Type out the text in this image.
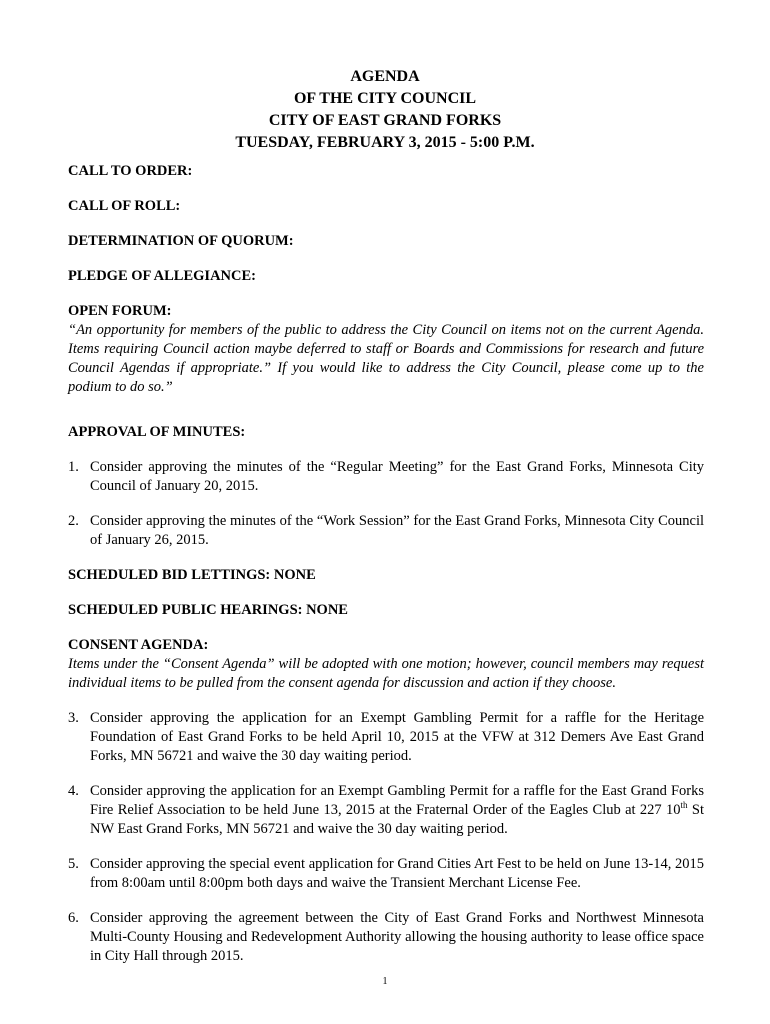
AGENDA
OF THE CITY COUNCIL
CITY OF EAST GRAND FORKS
TUESDAY, FEBRUARY 3, 2015 - 5:00 P.M.

CALL TO ORDER:

CALL OF ROLL:

DETERMINATION OF QUORUM:

PLEDGE OF ALLEGIANCE:

OPEN FORUM:

“An opportunity for members of the public to address the City Council on items not on the current Agenda. Items requiring Council action maybe deferred to staff or Boards and Commissions for research and future Council Agendas if appropriate.” If you would like to address the City Council, please come up to the podium to do so.”

APPROVAL OF MINUTES:

1. Consider approving the minutes of the “Regular Meeting” for the East Grand Forks, Minnesota City Council of January 20, 2015.
2. Consider approving the minutes of the “Work Session” for the East Grand Forks, Minnesota City Council of January 26, 2015.

SCHEDULED BID LETTINGS: NONE

SCHEDULED PUBLIC HEARINGS: NONE

CONSENT AGENDA:

Items under the “Consent Agenda” will be adopted with one motion; however, council members may request individual items to be pulled from the consent agenda for discussion and action if they choose.

3. Consider approving the application for an Exempt Gambling Permit for a raffle for the Heritage Foundation of East Grand Forks to be held April 10, 2015 at the VFW at 312 Demers Ave East Grand Forks, MN 56721 and waive the 30 day waiting period.
4. Consider approving the application for an Exempt Gambling Permit for a raffle for the East Grand Forks Fire Relief Association to be held June 13, 2015 at the Fraternal Order of the Eagles Club at 227 10th St NW East Grand Forks, MN 56721 and waive the 30 day waiting period.
5. Consider approving the special event application for Grand Cities Art Fest to be held on June 13-14, 2015 from 8:00am until 8:00pm both days and waive the Transient Merchant License Fee.
6. Consider approving the agreement between the City of East Grand Forks and Northwest Minnesota Multi-County Housing and Redevelopment Authority allowing the housing authority to lease office space in City Hall through 2015.
1
